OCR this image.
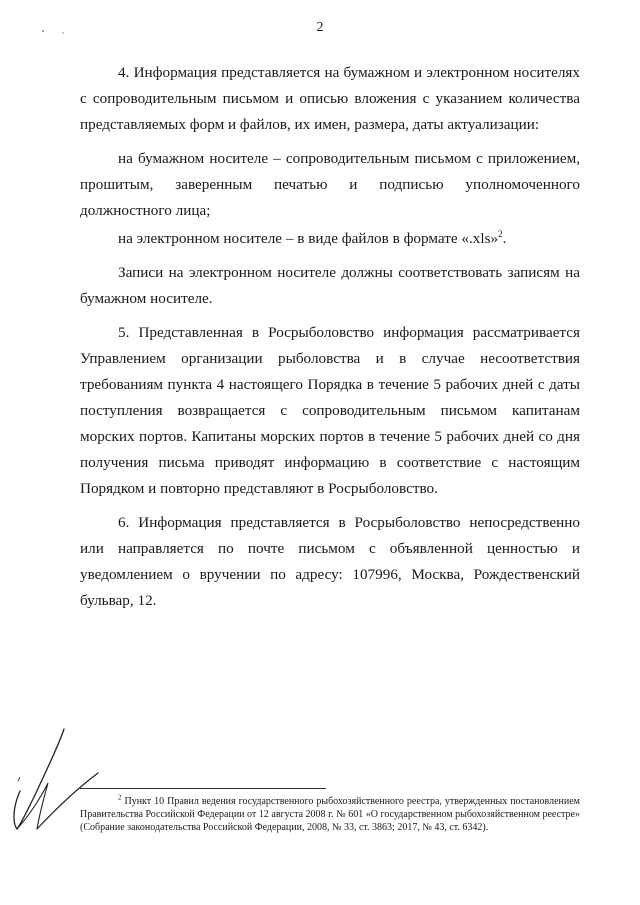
2

4. Информация представляется на бумажном и электронном носителях с сопроводительным письмом и описью вложения с указанием количества представляемых форм и файлов, их имен, размера, даты актуализации:

на бумажном носителе – сопроводительным письмом с приложением, прошитым, заверенным печатью и подписью уполномоченного должностного лица;

на электронном носителе – в виде файлов в формате «.xls»$^2$.

Записи на электронном носителе должны соответствовать записям на бумажном носителе.

5. Представленная в Росрыболовство информация рассматривается Управлением организации рыболовства и в случае несоответствия требованиям пункта 4 настоящего Порядка в течение 5 рабочих дней с даты поступления возвращается с сопроводительным письмом капитанам морских портов. Капитаны морских портов в течение 5 рабочих дней со дня получения письма приводят информацию в соответствие с настоящим Порядком и повторно представляют в Росрыболовство.

6. Информация представляется в Росрыболовство непосредственно или направляется по почте письмом с объявленной ценностью и уведомлением о вручении по адресу: 107996, Москва, Рождественский бульвар, 12.

$^2$ Пункт 10 Правил ведения государственного рыбохозяйственного реестра, утвержденных постановлением Правительства Российской Федерации от 12 августа 2008 г. № 601 «О государственном рыбохозяйственном реестре» (Собрание законодательства Российской Федерации, 2008, № 33, ст. 3863; 2017, № 43, ст. 6342).
